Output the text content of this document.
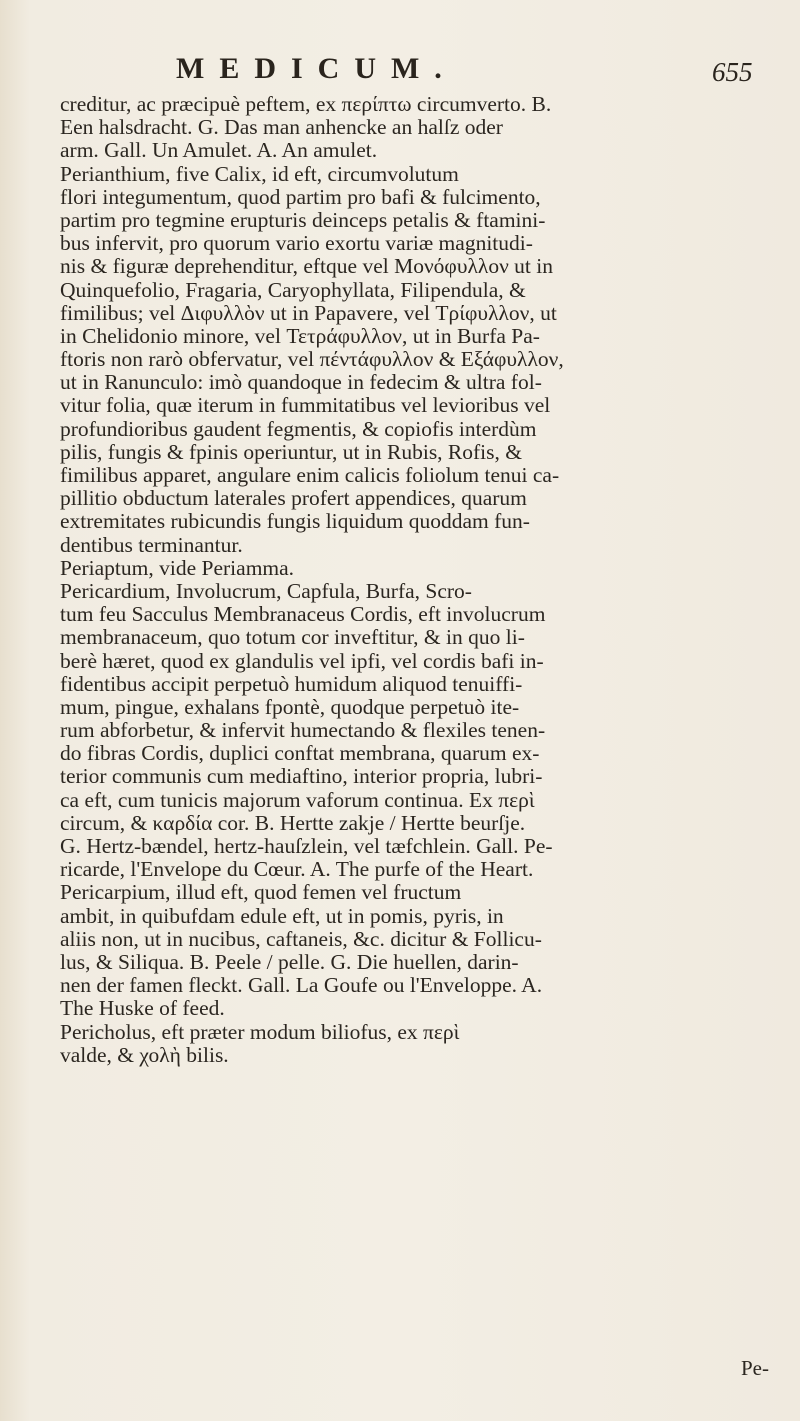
MEDICUM.	655
creditur, ac præcipuè peftem, ex περίπτω circumverto. B.
Een halsdracht. G. Das man anhencke an halſz oder
arm. Gall. Un Amulet. A. An amulet.
Perianthium, five Calix, id eft, circumvolutum
flori integumentum, quod partim pro bafi & fulcimento,
partim pro tegmine erupturis deinceps petalis & ftamini-
bus infervit, pro quorum vario exortu variæ magnitudi-
nis & figuræ deprehenditur, eftque vel Μονόφυλλον ut in
Quinquefolio, Fragaria, Caryophyllata, Filipendula, &
fimilibus; vel Διφυλλὸν ut in Papavere, vel Τρίφυλλον, ut
in Chelidonio minore, vel Τετράφυλλον, ut in Burfa Pa-
ftoris non rarò obfervatur, vel πέντάφυλλον & Εξάφυλλον,
ut in Ranunculo: imò quandoque in fedecim & ultra fol-
vitur folia, quæ iterum in fummitatibus vel levioribus vel
profundioribus gaudent fegmentis, & copiofis interdùm
pilis, fungis & fpinis operiuntur, ut in Rubis, Rofis, &
fimilibus apparet, angulare enim calicis foliolum tenui ca-
pillitio obductum laterales profert appendices, quarum
extremitates rubicundis fungis liquidum quoddam fun-
dentibus terminantur.
Periaptum, vide Periamma.
Pericardium, Involucrum, Capfula, Burfa, Scro-
tum feu Sacculus Membranaceus Cordis, eft involucrum
membranaceum, quo totum cor inveftitur, & in quo li-
berè hæret, quod ex glandulis vel ipfi, vel cordis bafi in-
fidentibus accipit perpetuò humidum aliquod tenuiffi-
mum, pingue, exhalans fpontè, quodque perpetuò ite-
rum abforbetur, & infervit humectando & flexiles tenen-
do fibras Cordis, duplici conftat membrana, quarum ex-
terior communis cum mediaftino, interior propria, lubri-
ca eft, cum tunicis majorum vaforum continua. Ex περὶ
circum, & καρδία cor. B. Hertte zakje / Hertte beurſje.
G. Hertz-bændel, hertz-hauſzlein, vel tæfchlein. Gall. Pe-
ricarde, l'Envelope du Cœur. A. The purfe of the Heart.
Pericarpium, illud eft, quod femen vel fructum
ambit, in quibufdam edule eft, ut in pomis, pyris, in
aliis non, ut in nucibus, caftaneis, &c. dicitur & Follicu-
lus, & Siliqua. B. Peele / pelle. G. Die huellen, darin-
nen der famen fleckt. Gall. La Goufe ou l'Enveloppe. A.
The Huske of feed.
Pericholus, eft præter modum biliofus, ex περὶ
valde, & χολὴ bilis.
Pe-
